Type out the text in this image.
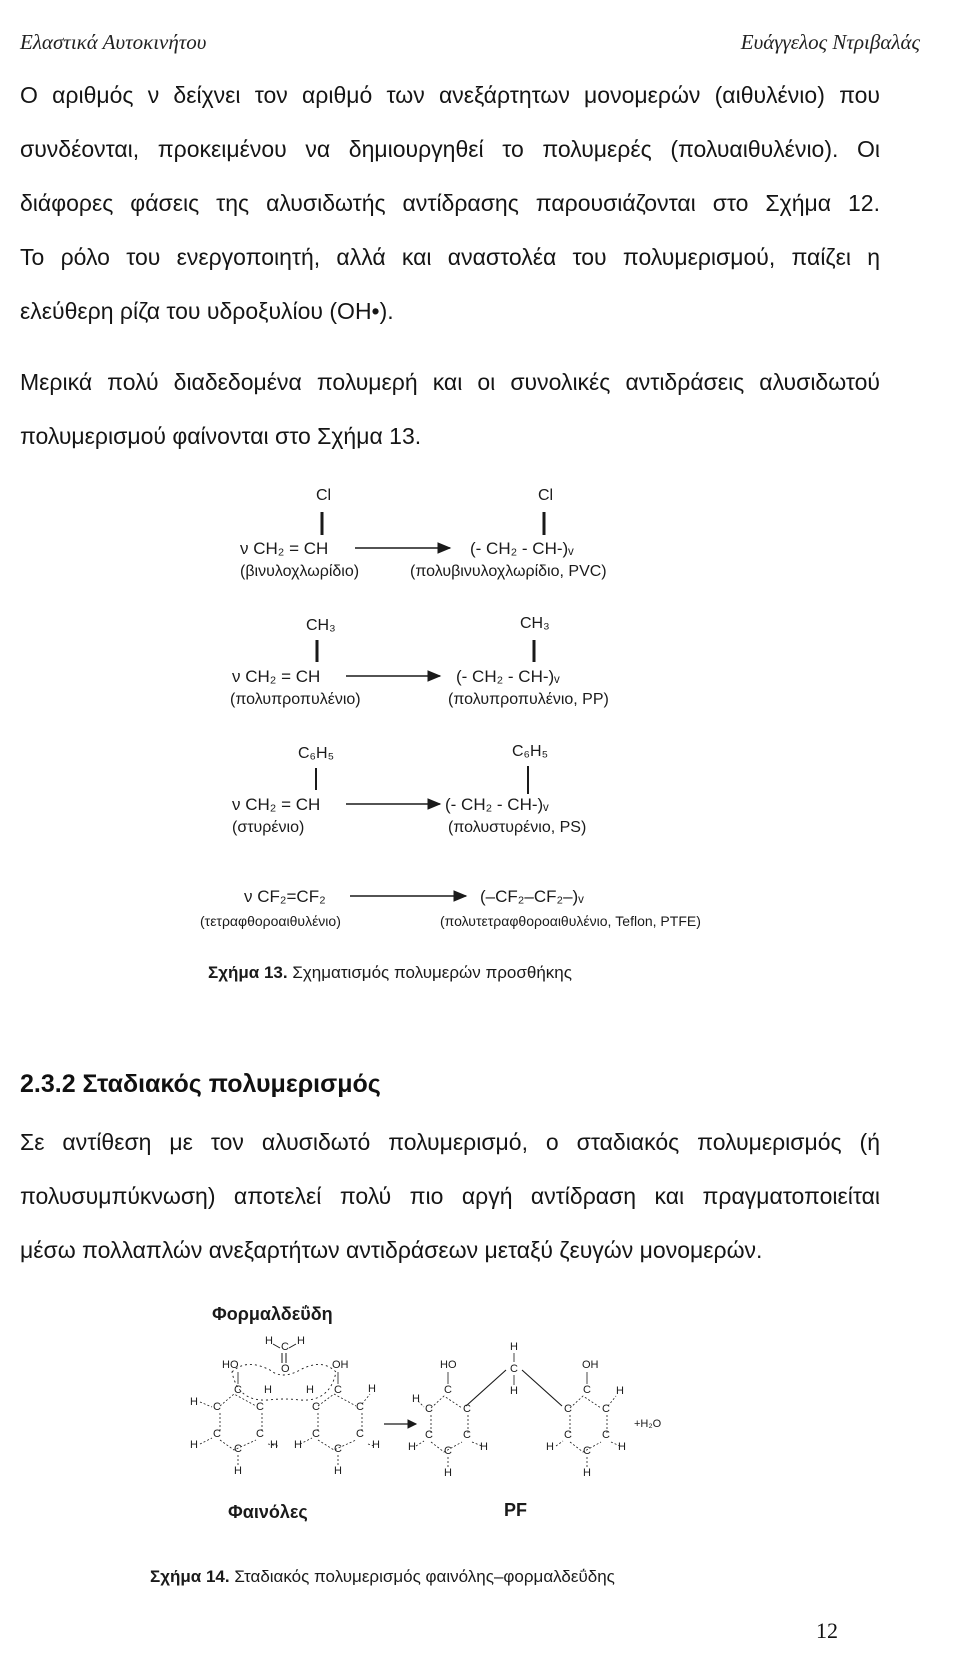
Ελαστικά Αυτοκινήτου	Ευάγγελος Ντριβαλάς
Ο αριθμός ν δείχνει τον αριθμό των ανεξάρτητων μονομερών (αιθυλένιο) που
συνδέονται, προκειμένου να δημιουργηθεί το πολυμερές (πολυαιθυλένιο). Οι
διάφορες φάσεις της αλυσιδωτής αντίδρασης παρουσιάζονται στο Σχήμα 12.
Το ρόλο του ενεργοποιητή, αλλά και αναστολέα του πολυμερισμού, παίζει η
ελεύθερη ρίζα του υδροξυλίου (ΟΗ•).
Μερικά πολύ διαδεδομένα πολυμερή και οι συνολικές αντιδράσεις αλυσιδωτού
πολυμερισμού φαίνονται στο Σχήμα 13.
Cl	Cl
ν CH₂ = CH	(- CH₂ - CH-)ᵥ
(βινυλοχλωρίδιο)	(πολυβινυλοχλωρίδιο, PVC)
CH₃	CH₃
ν CH₂ = CH	(- CH₂ - CH-)ᵥ
(πολυπροπυλένιο)	(πολυπροπυλένιο, PP)
C₆H₅	C₆H₅
ν CH₂ = CH	(- CH₂ - CH-)ᵥ
(στυρένιο)	(πολυστυρένιο, PS)
ν CF₂=CF₂	(–CF₂–CF₂–)ᵥ
(τετραφθοροαιθυλένιο)	(πολυτετραφθοροαιθυλένιο, Teflon, PTFE)
Σχήμα 13. Σχηματισμός πολυμερών προσθήκης
2.3.2 Σταδιακός πολυμερισμός
Σε αντίθεση με τον αλυσιδωτό πολυμερισμό, ο σταδιακός πολυμερισμός (ή
πολυσυμπύκνωση) αποτελεί πολύ πιο αργή αντίδραση και πραγματοποιείται
μέσω πολλαπλών ανεξαρτήτων αντιδράσεων μεταξύ ζευγών μονομερών.
Φορμαλδεΰδη
H C H
O
HO
C H
H C	C
C	C
C
H	H
H
OH
H C
C	C
H
C	C
C
H	H
H
H
C
H
HO
C
H
C	C
C	C
C
H	H
H
OH
C
C	C
H
C	C
C
H	H
H
+H₂O
Φαινόλες	PF
Σχήμα 14. Σταδιακός πολυμερισμός φαινόλης–φορμαλδεΰδης
12
